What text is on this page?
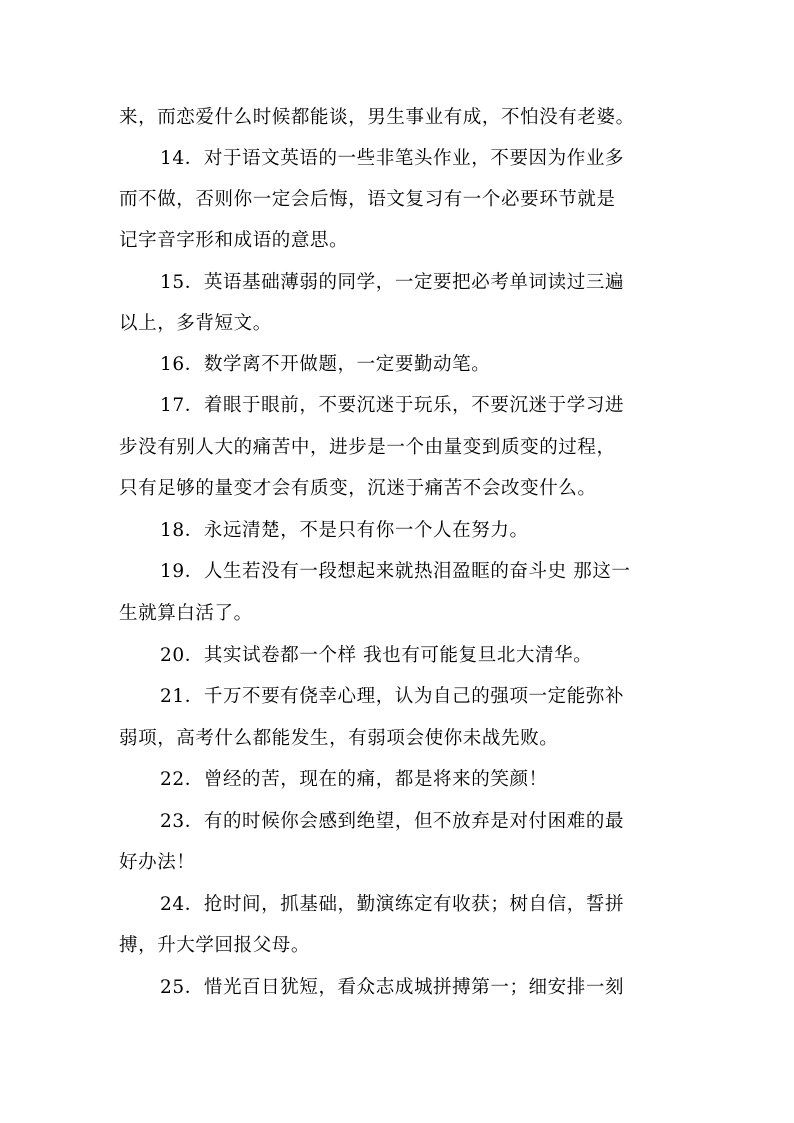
来，而恋爱什么时候都能谈，男生事业有成，不怕没有老婆。
14．对于语文英语的一些非笔头作业，不要因为作业多
而不做，否则你一定会后悔，语文复习有一个必要环节就是
记字音字形和成语的意思。
15．英语基础薄弱的同学，一定要把必考单词读过三遍
以上，多背短文。
16．数学离不开做题，一定要勤动笔。
17．着眼于眼前，不要沉迷于玩乐，不要沉迷于学习进
步没有别人大的痛苦中，进步是一个由量变到质变的过程，
只有足够的量变才会有质变，沉迷于痛苦不会改变什么。
18．永远清楚，不是只有你一个人在努力。
19．人生若没有一段想起来就热泪盈眶的奋斗史 那这一
生就算白活了。
20．其实试卷都一个样 我也有可能复旦北大清华。
21．千万不要有侥幸心理，认为自己的强项一定能弥补
弱项，高考什么都能发生，有弱项会使你未战先败。
22．曾经的苦，现在的痛，都是将来的笑颜！
23．有的时候你会感到绝望，但不放弃是对付困难的最
好办法！
24．抢时间，抓基础，勤演练定有收获；树自信，誓拼
搏，升大学回报父母。
25．惜光百日犹短，看众志成城拼搏第一；细安排一刻
